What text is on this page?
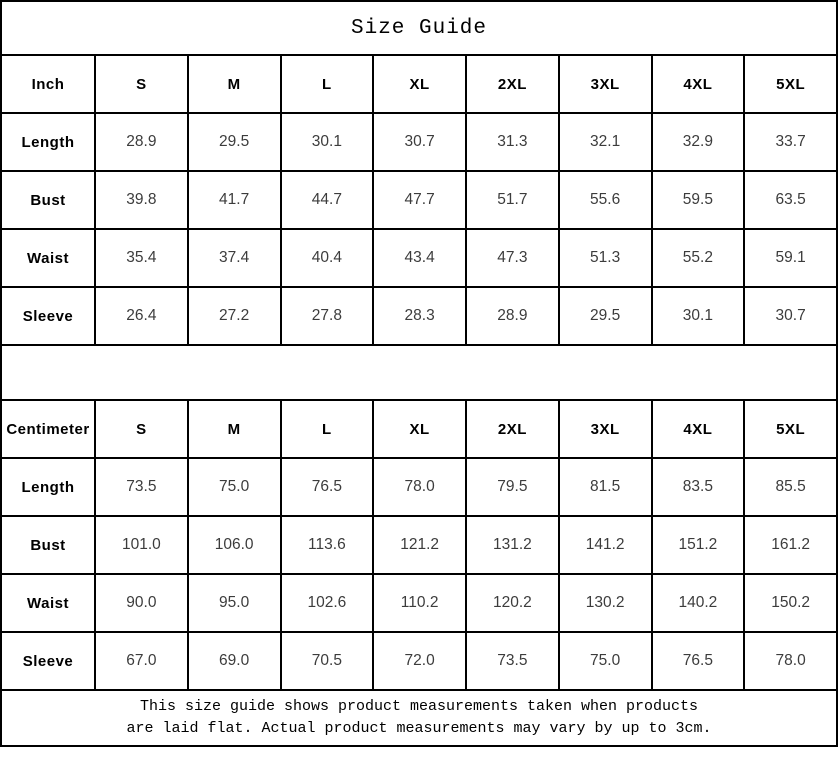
Size Guide								
Inch	S	M	L	XL	2XL	3XL	4XL	5XL
Length	28.9	29.5	30.1	30.7	31.3	32.1	32.9	33.7
Bust	39.8	41.7	44.7	47.7	51.7	55.6	59.5	63.5
Waist	35.4	37.4	40.4	43.4	47.3	51.3	55.2	59.1
Sleeve	26.4	27.2	27.8	28.3	28.9	29.5	30.1	30.7

Centimeter	S	M	L	XL	2XL	3XL	4XL	5XL
Length	73.5	75.0	76.5	78.0	79.5	81.5	83.5	85.5
Bust	101.0	106.0	113.6	121.2	131.2	141.2	151.2	161.2
Waist	90.0	95.0	102.6	110.2	120.2	130.2	140.2	150.2
Sleeve	67.0	69.0	70.5	72.0	73.5	75.0	76.5	78.0

This size guide shows product measurements taken when products
are laid flat. Actual product measurements may vary by up to 3cm.								
